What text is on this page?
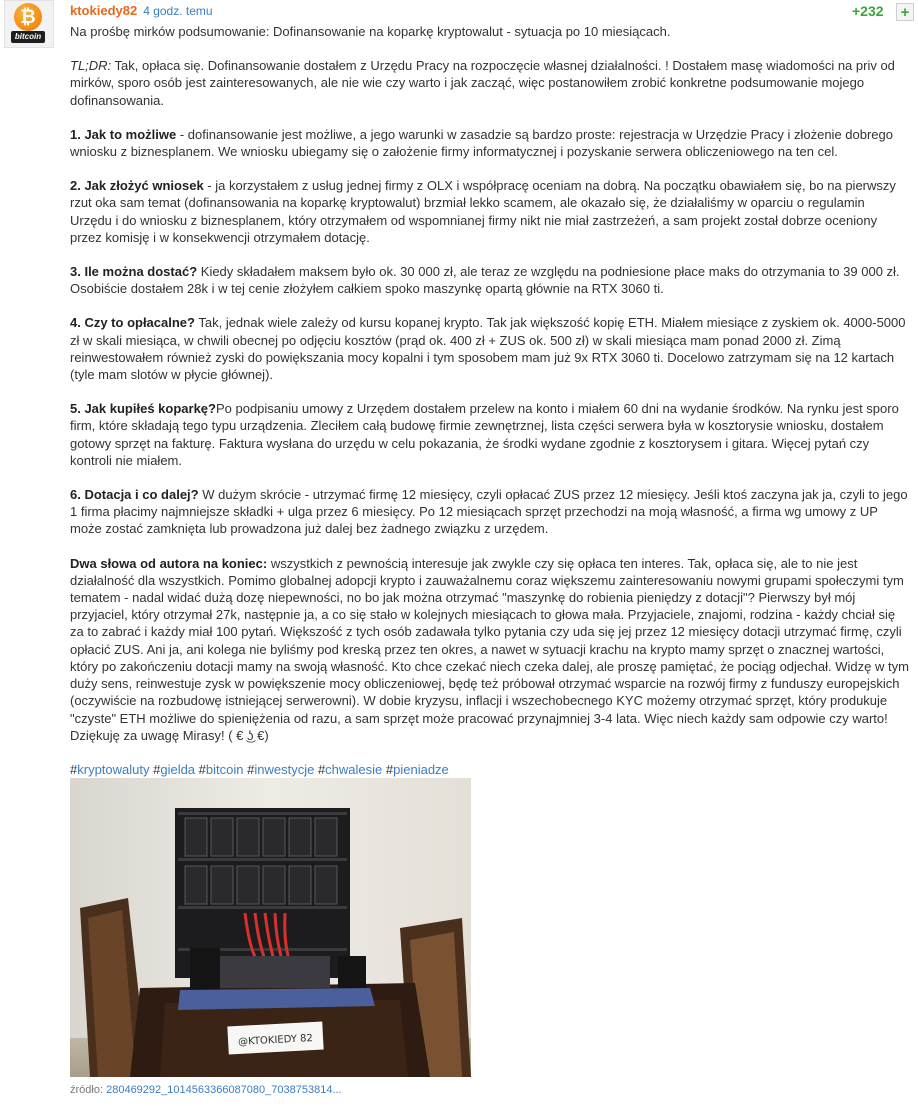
₿
bitcoin
ktokiedy82 4 godz. temu	+232	+

Na prośbę mirków podsumowanie: Dofinansowanie na koparkę kryptowalut - sytuacja po 10 miesiącach.

TL;DR: Tak, opłaca się. Dofinansowanie dostałem z Urzędu Pracy na rozpoczęcie własnej działalności. ! Dostałem masę wiadomości na priv od mirków, sporo osób jest zainteresowanych, ale nie wie czy warto i jak zacząć, więc postanowiłem zrobić konkretne podsumowanie mojego dofinansowania.

1. Jak to możliwe - dofinansowanie jest możliwe, a jego warunki w zasadzie są bardzo proste: rejestracja w Urzędzie Pracy i złożenie dobrego wniosku z biznesplanem. We wniosku ubiegamy się o założenie firmy informatycznej i pozyskanie serwera obliczeniowego na ten cel.

2. Jak złożyć wniosek - ja korzystałem z usług jednej firmy z OLX i współpracę oceniam na dobrą. Na początku obawiałem się, bo na pierwszy rzut oka sam temat (dofinansowania na koparkę kryptowalut) brzmiał lekko scamem, ale okazało się, że działaliśmy w oparciu o regulamin Urzędu i do wniosku z biznesplanem, który otrzymałem od wspomnianej firmy nikt nie miał zastrzeżeń, a sam projekt został dobrze oceniony przez komisję i w konsekwencji otrzymałem dotację.

3. Ile można dostać? Kiedy składałem maksem było ok. 30 000 zł, ale teraz ze względu na podniesione płace maks do otrzymania to 39 000 zł. Osobiście dostałem 28k i w tej cenie złożyłem całkiem spoko maszynkę opartą głównie na RTX 3060 ti.

4. Czy to opłacalne? Tak, jednak wiele zależy od kursu kopanej krypto. Tak jak większość kopię ETH. Miałem miesiące z zyskiem ok. 4000-5000 zł w skali miesiąca, w chwili obecnej po odjęciu kosztów (prąd ok. 400 zł + ZUS ok. 500 zł) w skali miesiąca mam ponad 2000 zł. Zimą reinwestowałem również zyski do powiększania mocy kopalni i tym sposobem mam już 9x RTX 3060 ti. Docelowo zatrzymam się na 12 kartach (tyle mam slotów w płycie głównej).

5. Jak kupiłeś koparkę?Po podpisaniu umowy z Urzędem dostałem przelew na konto i miałem 60 dni na wydanie środków. Na rynku jest sporo firm, które składają tego typu urządzenia. Zleciłem całą budowę firmie zewnętrznej, lista części serwera była w kosztorysie wniosku, dostałem gotowy sprzęt na fakturę. Faktura wysłana do urzędu w celu pokazania, że środki wydane zgodnie z kosztorysem i gitara. Więcej pytań czy kontroli nie miałem.

6. Dotacja i co dalej? W dużym skrócie - utrzymać firmę 12 miesięcy, czyli opłacać ZUS przez 12 miesięcy. Jeśli ktoś zaczyna jak ja, czyli to jego 1 firma płacimy najmniejsze składki + ulga przez 6 miesięcy. Po 12 miesiącach sprzęt przechodzi na moją własność, a firma wg umowy z UP może zostać zamknięta lub prowadzona już dalej bez żadnego związku z urzędem.

Dwa słowa od autora na koniec: wszystkich z pewnością interesuje jak zwykle czy się opłaca ten interes. Tak, opłaca się, ale to nie jest działalność dla wszystkich. Pomimo globalnej adopcji krypto i zauważalnemu coraz większemu zainteresowaniu nowymi grupami społeczymi tym tematem - nadal widać dużą dozę niepewności, no bo jak można otrzymać "maszynkę do robienia pieniędzy z dotacji"? Pierwszy był mój przyjaciel, który otrzymał 27k, następnie ja, a co się stało w kolejnych miesiącach to głowa mała. Przyjaciele, znajomi, rodzina - każdy chciał się za to zabrać i każdy miał 100 pytań. Większość z tych osób zadawała tylko pytania czy uda się jej przez 12 miesięcy dotacji utrzymać firmę, czyli opłacić ZUS. Ani ja, ani kolega nie byliśmy pod kreską przez ten okres, a nawet w sytuacji krachu na krypto mamy sprzęt o znacznej wartości, który po zakończeniu dotacji mamy na swoją własność. Kto chce czekać niech czeka dalej, ale proszę pamiętać, że pociąg odjechał. Widzę w tym duży sens, reinwestuje zysk w powiększenie mocy obliczeniowej, będę też próbował otrzymać wsparcie na rozwój firmy z funduszy europejskich (oczywiście na rozbudowę istniejącej serwerowni). W dobie kryzysu, inflacji i wszechobecnego KYC możemy otrzymać sprzęt, który produkuje "czyste" ETH możliwe do spieniężenia od razu, a sam sprzęt może pracować przynajmniej 3-4 lata. Więc niech każdy sam odpowie czy warto! Dziękuję za uwagę Mirasy! ( € ͜ʖ €)

#kryptowaluty #gielda #bitcoin #inwestycje #chwalesie #pieniadze

@KTOKIEDY 82
źródło: 280469292_1014563366087080_7038753814...
